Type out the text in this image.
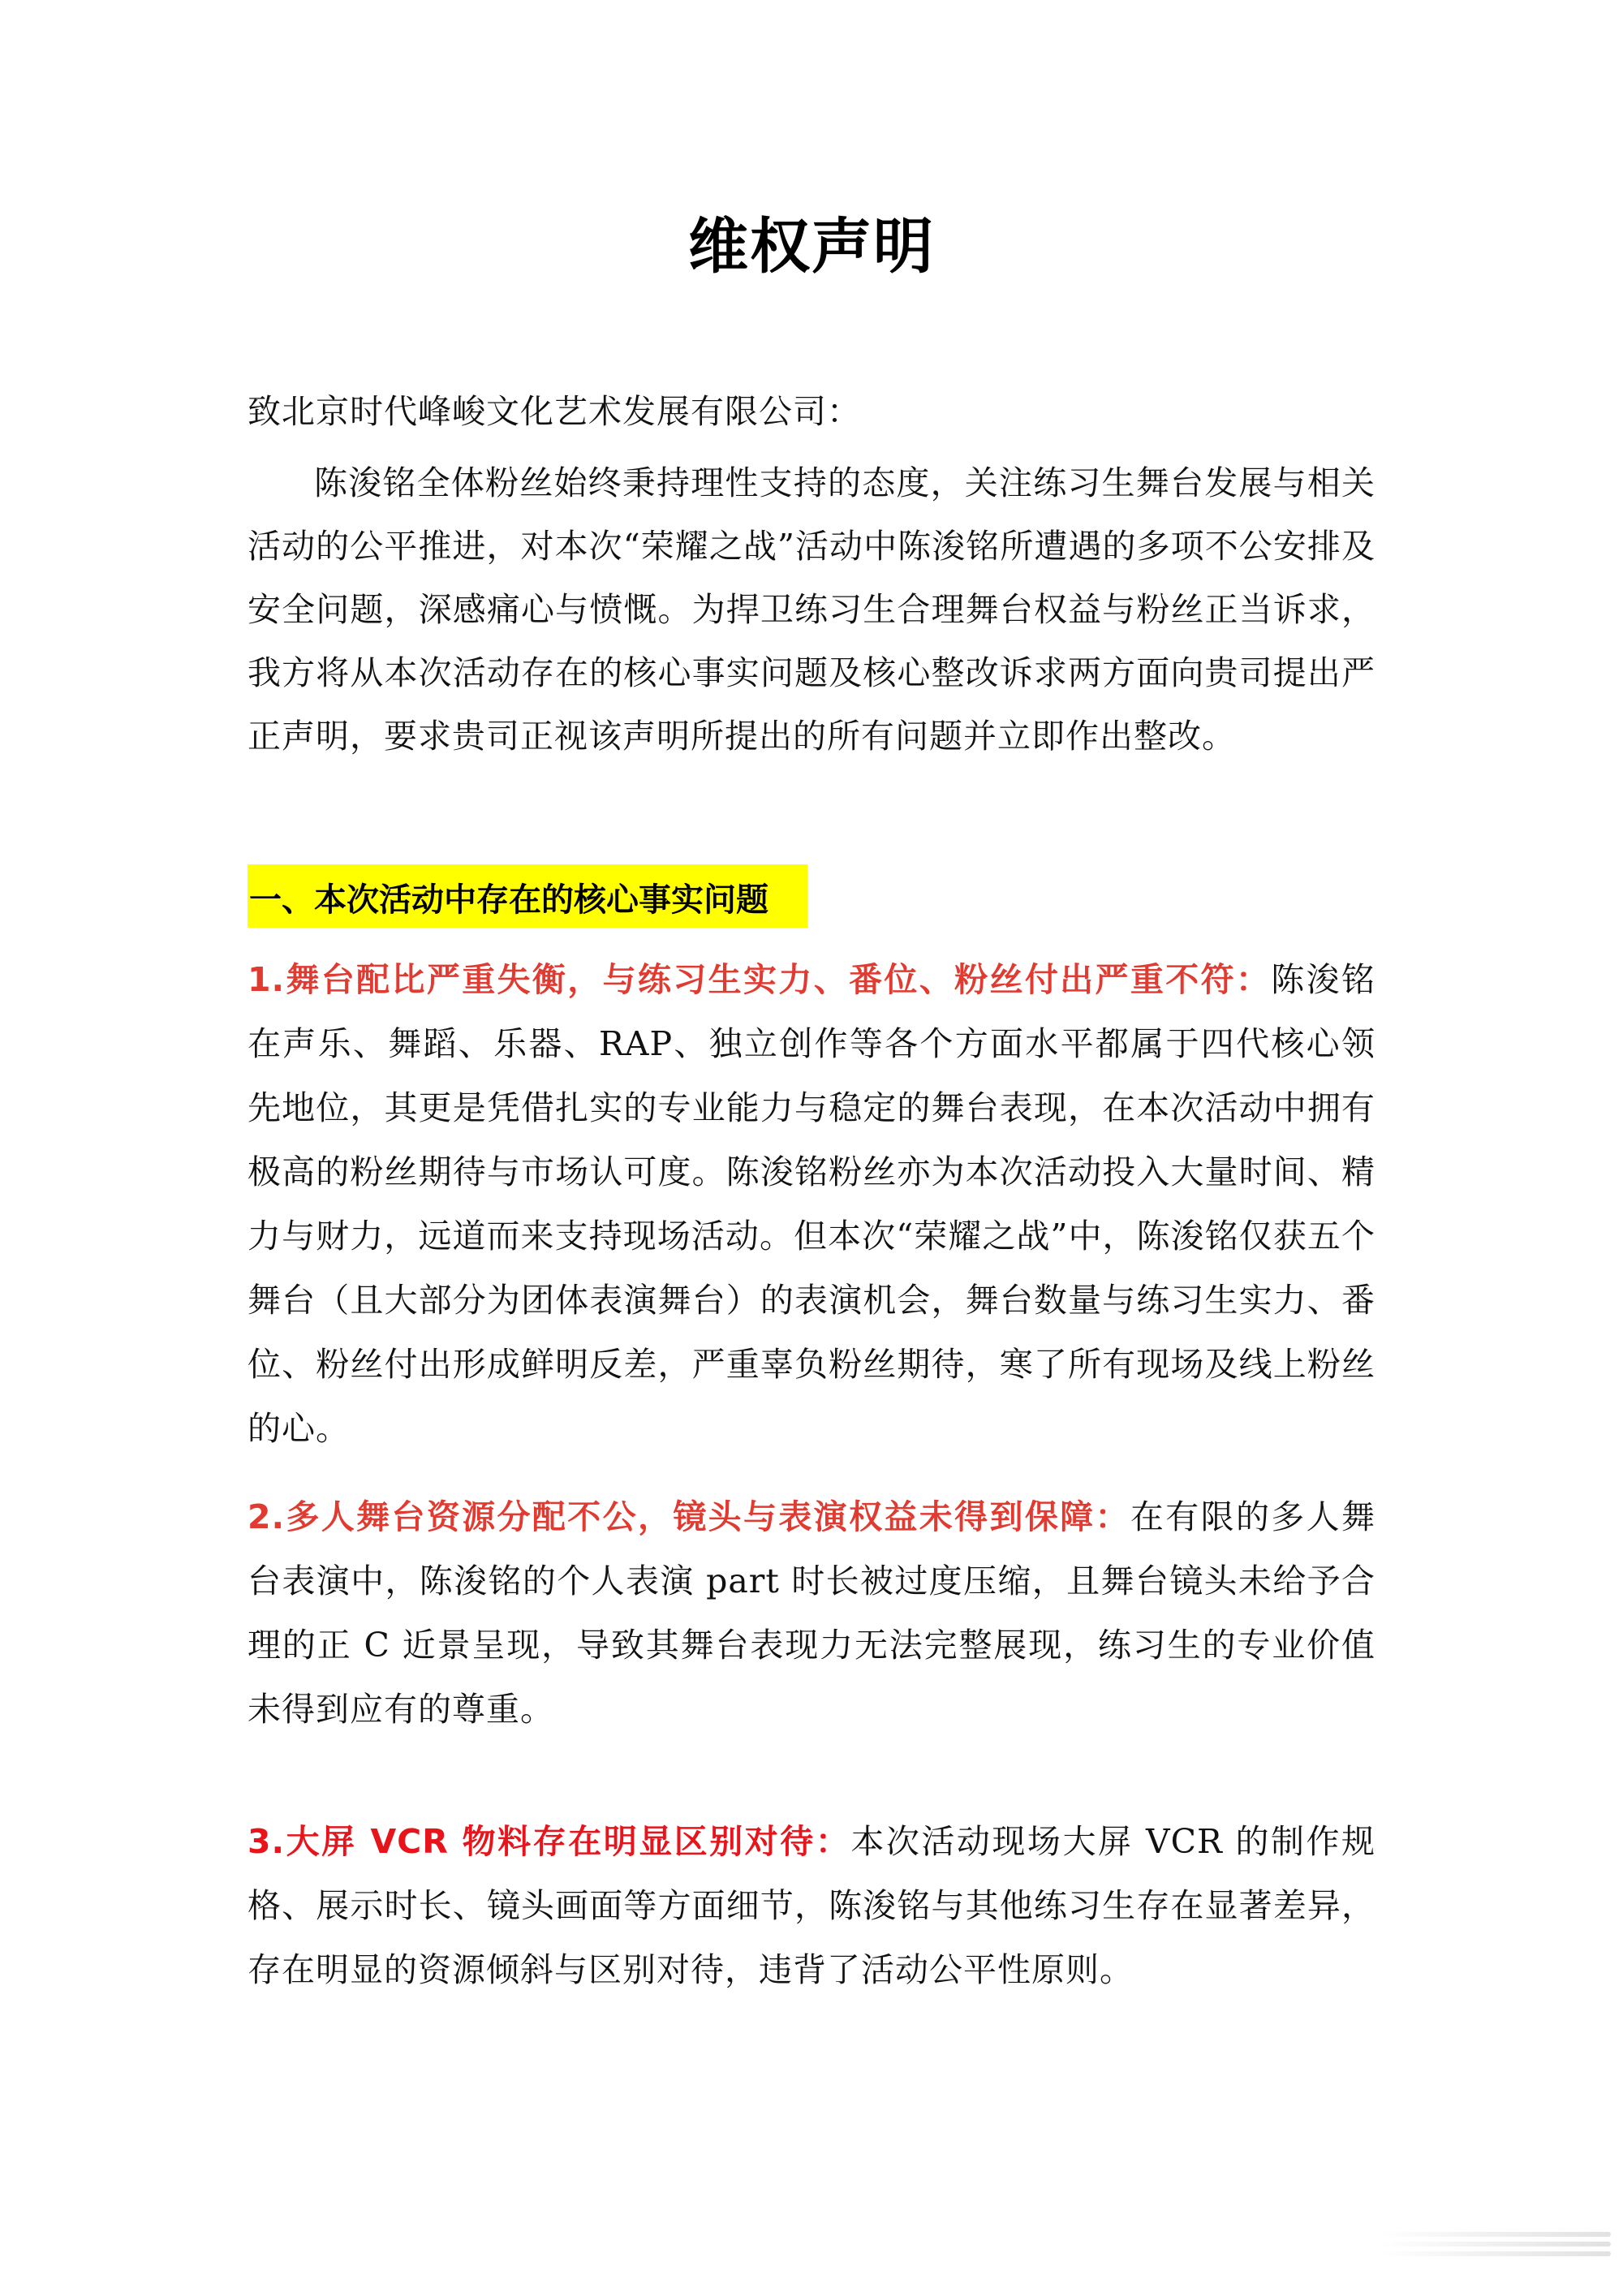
维权声明
致北京时代峰峻文化艺术发展有限公司：
陈浚铭全体粉丝始终秉持理性支持的态度，关注练习生舞台发展与相关活动的公平推进，对本次“荣耀之战”活动中陈浚铭所遭遇的多项不公安排及安全问题，深感痛心与愤慨。为捍卫练习生合理舞台权益与粉丝正当诉求，我方将从本次活动存在的核心事实问题及核心整改诉求两方面向贵司提出严正声明，要求贵司正视该声明所提出的所有问题并立即作出整改。
一、本次活动中存在的核心事实问题
1.舞台配比严重失衡，与练习生实力、番位、粉丝付出严重不符：陈浚铭在声乐、舞蹈、乐器、RAP、独立创作等各个方面水平都属于四代核心领先地位，其更是凭借扎实的专业能力与稳定的舞台表现，在本次活动中拥有极高的粉丝期待与市场认可度。陈浚铭粉丝亦为本次活动投入大量时间、精力与财力，远道而来支持现场活动。但本次“荣耀之战”中，陈浚铭仅获五个舞台（且大部分为团体表演舞台）的表演机会，舞台数量与练习生实力、番位、粉丝付出形成鲜明反差，严重辜负粉丝期待，寒了所有现场及线上粉丝的心。
2.多人舞台资源分配不公，镜头与表演权益未得到保障：在有限的多人舞台表演中，陈浚铭的个人表演 part 时长被过度压缩，且舞台镜头未给予合理的正 C 近景呈现，导致其舞台表现力无法完整展现，练习生的专业价值未得到应有的尊重。
3.大屏 VCR 物料存在明显区别对待：本次活动现场大屏 VCR 的制作规格、展示时长、镜头画面等方面细节，陈浚铭与其他练习生存在显著差异，存在明显的资源倾斜与区别对待，违背了活动公平性原则。
